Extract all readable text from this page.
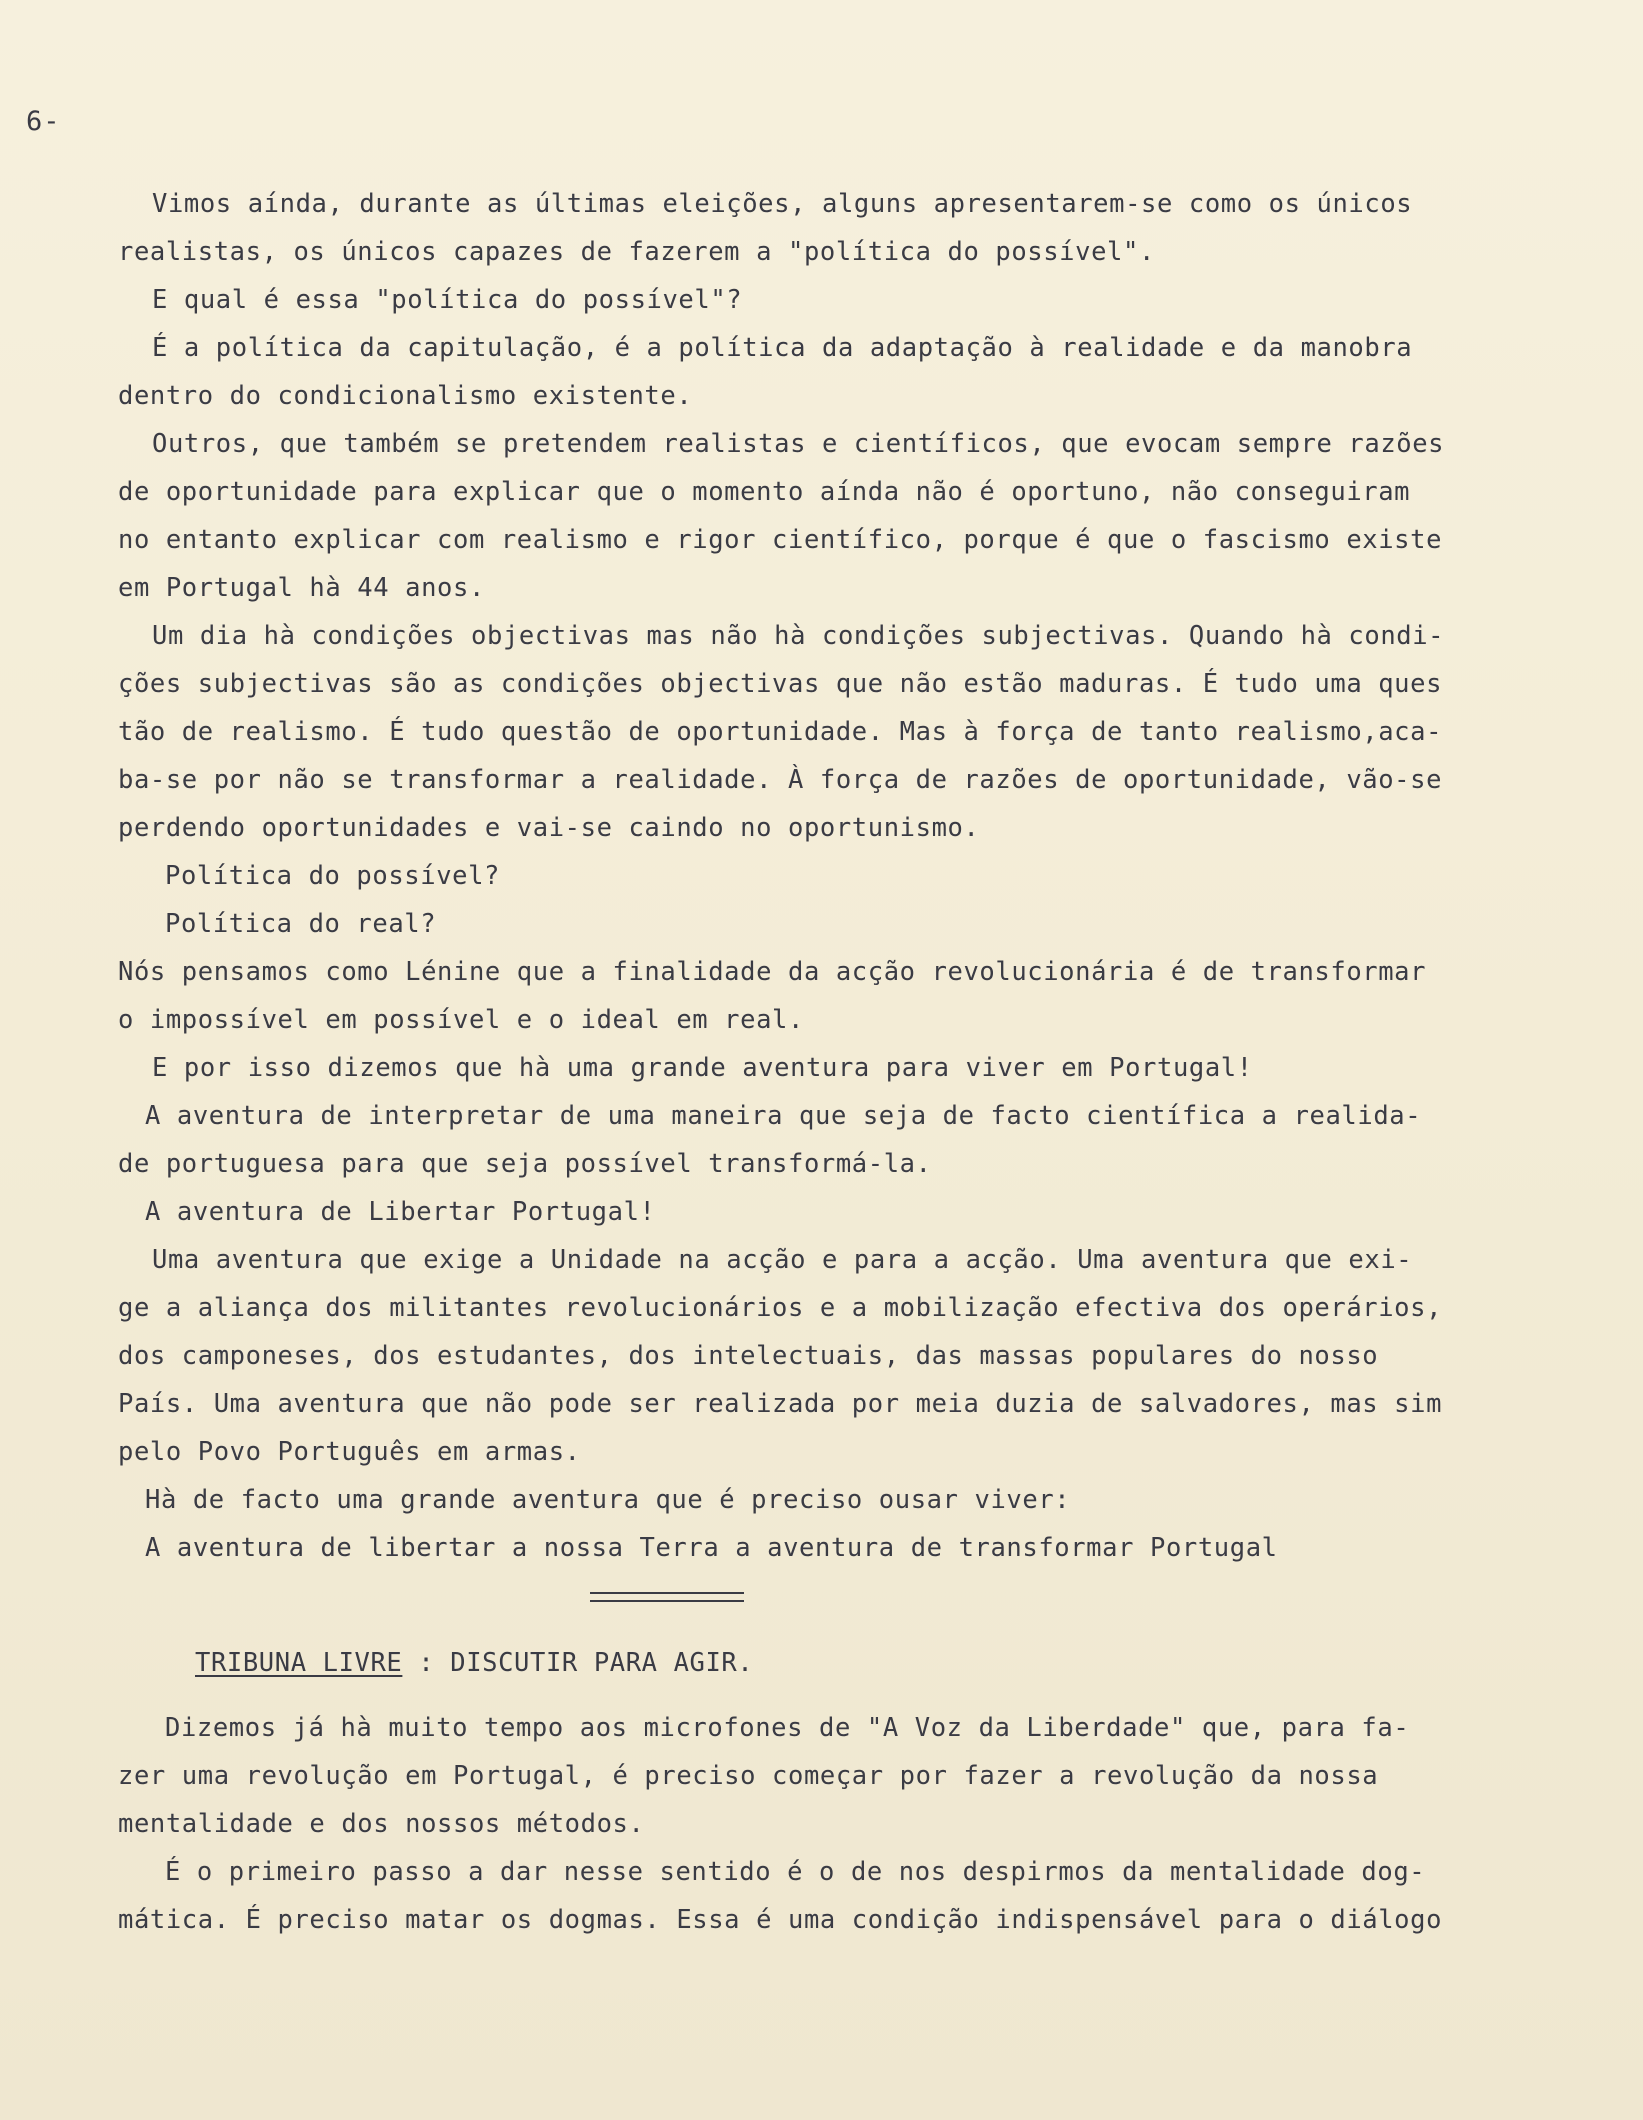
6-
Vimos aínda, durante as últimas eleições, alguns apresentarem-se como os únicos
realistas, os únicos capazes de fazerem a "política do possível".
E qual é essa "política do possível"?
É a política da capitulação, é a política da adaptação à realidade e da manobra
dentro do condicionalismo existente.
Outros, que também se pretendem realistas e científicos, que evocam sempre razões
de oportunidade para explicar que o momento aínda não é oportuno, não conseguiram
no entanto explicar com realismo e rigor científico, porque é que o fascismo existe
em Portugal hà 44 anos.
Um dia hà condições objectivas mas não hà condições subjectivas. Quando hà condi-
ções subjectivas são as condições objectivas que não estão maduras. É tudo uma ques
tão de realismo. É tudo questão de oportunidade. Mas à força de tanto realismo,aca-
ba-se por não se transformar a realidade. À força de razões de oportunidade, vão-se
perdendo oportunidades e vai-se caindo no oportunismo.
Política do possível?
Política do real?
Nós pensamos como Lénine que a finalidade da acção revolucionária é de transformar
o impossível em possível e o ideal em real.
E por isso dizemos que hà uma grande aventura para viver em Portugal!
A aventura de interpretar de uma maneira que seja de facto científica a realida-
de portuguesa para que seja possível transformá-la.
A aventura de Libertar Portugal!
Uma aventura que exige a Unidade na acção e para a acção. Uma aventura que exi-
ge a aliança dos militantes revolucionários e a mobilização efectiva dos operários,
dos camponeses, dos estudantes, dos intelectuais, das massas populares do nosso
País. Uma aventura que não pode ser realizada por meia duzia de salvadores, mas sim
pelo Povo Português em armas.
Hà de facto uma grande aventura que é preciso ousar viver:
A aventura de libertar a nossa Terra a aventura de transformar Portugal
TRIBUNA LIVRE : DISCUTIR PARA AGIR.
Dizemos já hà muito tempo aos microfones de "A Voz da Liberdade" que, para fa-
zer uma revolução em Portugal, é preciso começar por fazer a revolução da nossa
mentalidade e dos nossos métodos.
É o primeiro passo a dar nesse sentido é o de nos despirmos da mentalidade dog-
mática. É preciso matar os dogmas. Essa é uma condição indispensável para o diálogo
